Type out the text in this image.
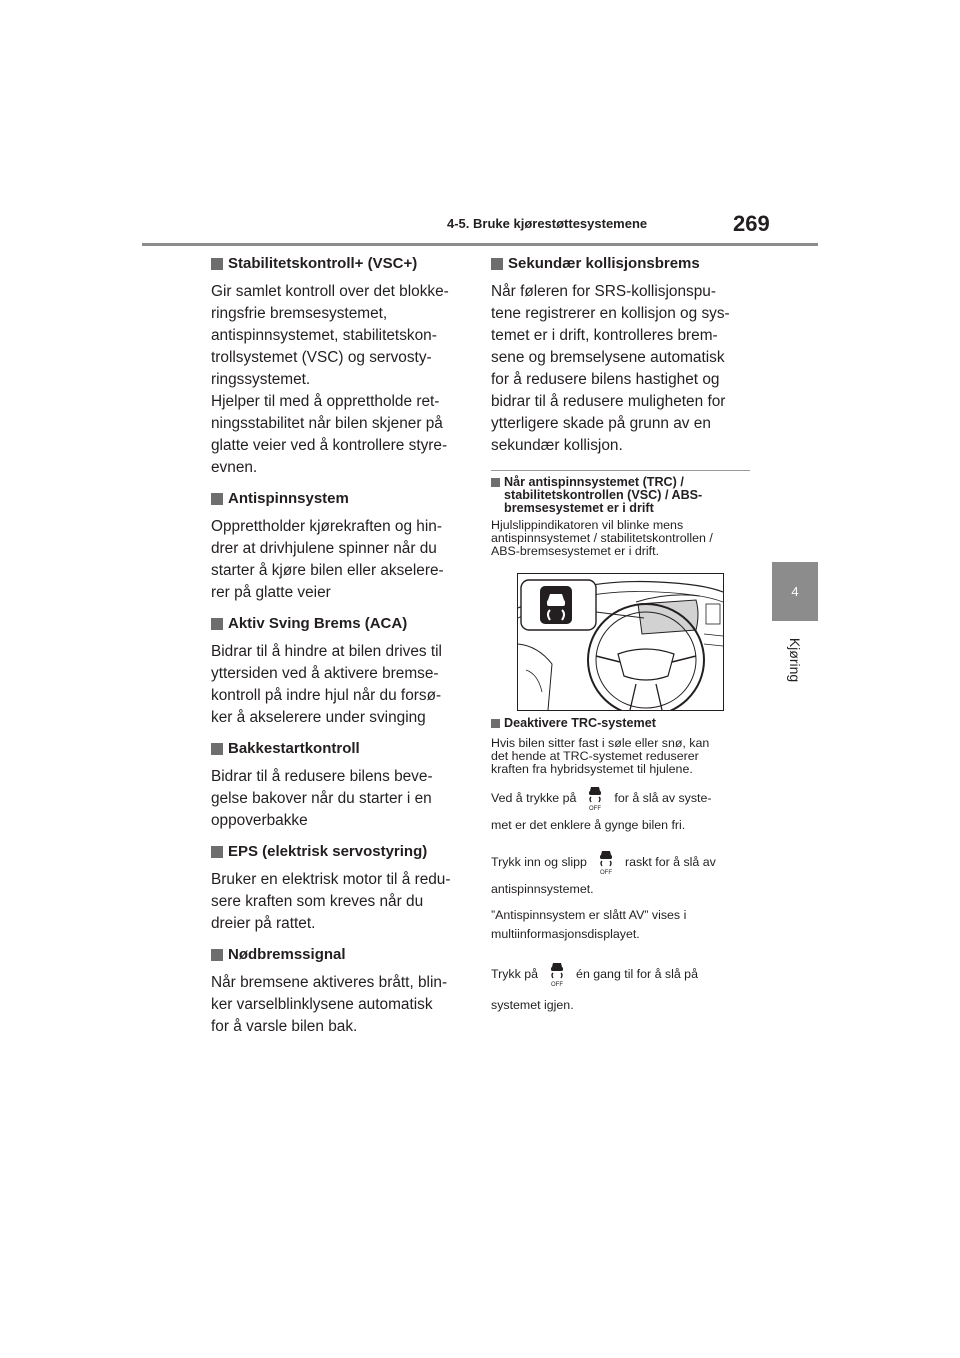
4-5. Bruke kjørestøttesystemene	269
4
Kjøring
Stabilitetskontroll+ (VSC+)

Gir samlet kontroll over det blokke-

ringsfrie bremsesystemet,

antispinnsystemet, stabilitetskon-

trollsystemet (VSC) og servosty-

ringssystemet.

Hjelper til med å opprettholde ret-

ningsstabilitet når bilen skjener på

glatte veier ved å kontrollere styre-

evnen.

Antispinnsystem

Opprettholder kjørekraften og hin-

drer at drivhjulene spinner når du

starter å kjøre bilen eller akselere-

rer på glatte veier

Aktiv Sving Brems (ACA)

Bidrar til å hindre at bilen drives til

yttersiden ved å aktivere bremse-

kontroll på indre hjul når du forsø-

ker å akselerere under svinging

Bakkestartkontroll

Bidrar til å redusere bilens beve-

gelse bakover når du starter i en

oppoverbakke

EPS (elektrisk servostyring)

Bruker en elektrisk motor til å redu-

sere kraften som kreves når du

dreier på rattet.

Nødbremssignal

Når bremsene aktiveres brått, blin-

ker varselblinklysene automatisk

for å varsle bilen bak.

Sekundær kollisjonsbrems

Når føleren for SRS-kollisjonspu-

tene registrerer en kollisjon og sys-

temet er i drift, kontrolleres brem-

sene og bremselysene automatisk

for å redusere bilens hastighet og

bidrar til å redusere muligheten for

ytterligere skade på grunn av en

sekundær kollisjon.

Når antispinnsystemet (TRC) /
stabilitetskontrollen (VSC) / ABS-
bremsesystemet er i drift

Hjulslippindikatoren vil blinke mens

antispinnsystemet / stabilitetskontrollen /

ABS-bremsesystemet er i drift.

Deaktivere TRC-systemet

Hvis bilen sitter fast i søle eller snø, kan

det hende at TRC-systemet reduserer

kraften fra hybridsystemet til hjulene.

Ved å trykke på
OFF
for å slå av syste-

met er det enklere å gynge bilen fri.

Trykk inn og slipp
OFF
raskt for å slå av

antispinnsystemet.

”Antispinnsystem er slått AV” vises i

multiinformasjonsdisplayet.

Trykk på
OFF
én gang til for å slå på

systemet igjen.
